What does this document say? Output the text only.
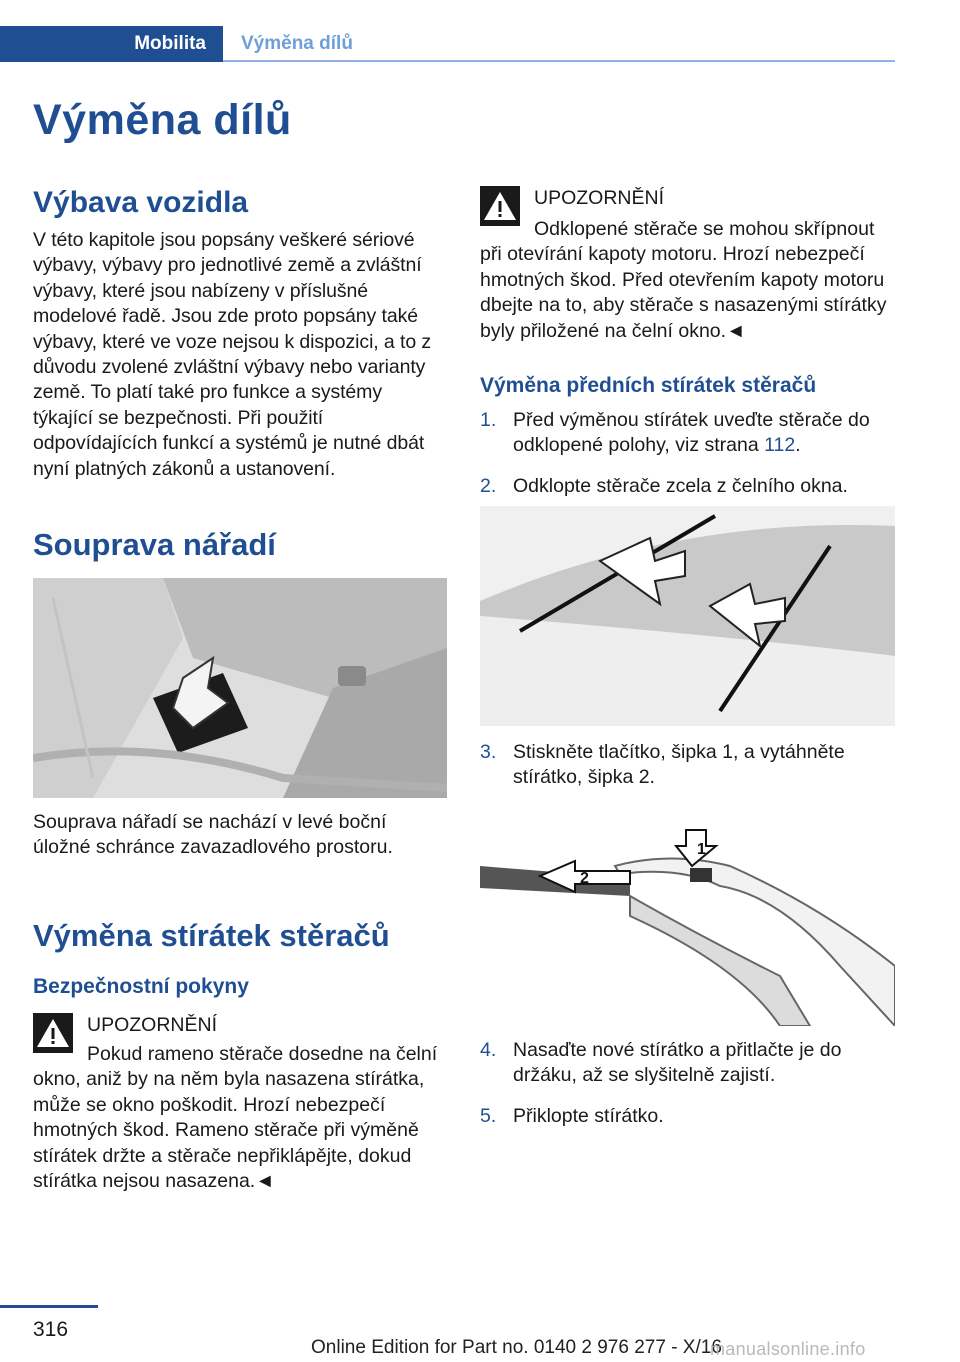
Mobilita	Výměna dílů
Výměna dílů
Výbava vozidla

V této kapitole jsou popsány veškeré sériové výbavy, výbavy pro jednotlivé země a zvláštní výbavy, které jsou nabízeny v příslušné modelové řadě. Jsou zde proto popsány také výbavy, které ve voze nejsou k dispozici, a to z důvodu zvolené zvláštní výbavy nebo varianty země. To platí také pro funkce a systémy týkající se bezpečnosti. Při použití odpovídajících funkcí a systémů je nutné dbát nyní platných zákonů a ustanovení.

Souprava nářadí

Souprava nářadí se nachází v levé boční úložné schránce zavazadlového prostoru.

Výměna stírátek stěračů
Bezpečnostní pokyny
UPOZORNĚNÍ

Pokud rameno stěrače dosedne na čelní okno, aniž by na něm byla nasazena stírátka, může se okno poškodit. Hrozí nebezpečí hmotných škod. Rameno stěrače při výměně stírátek držte a stěrače nepřiklápějte, dokud stírátka nejsou nasazena.◄

UPOZORNĚNÍ

Odklopené stěrače se mohou skřípnout při otevírání kapoty motoru. Hrozí nebezpečí hmotných škod. Před otevřením kapoty motoru dbejte na to, aby stěrače s nasazenými stírátky byly přiložené na čelní okno.◄

Výměna předních stírátek stěračů
1. Před výměnou stírátek uveďte stěrače do odklopené polohy, viz strana 112.
2. Odklopte stěrače zcela z čelního okna.
3. Stiskněte tlačítko, šipka 1, a vytáhněte stírátko, šipka 2.
2
1
4. Nasaďte nové stírátko a přitlačte je do držáku, až se slyšitelně zajistí.
5. Přiklopte stírátko.
316
Online Edition for Part no. 0140 2 976 277 - X/16
manualsonline.info
